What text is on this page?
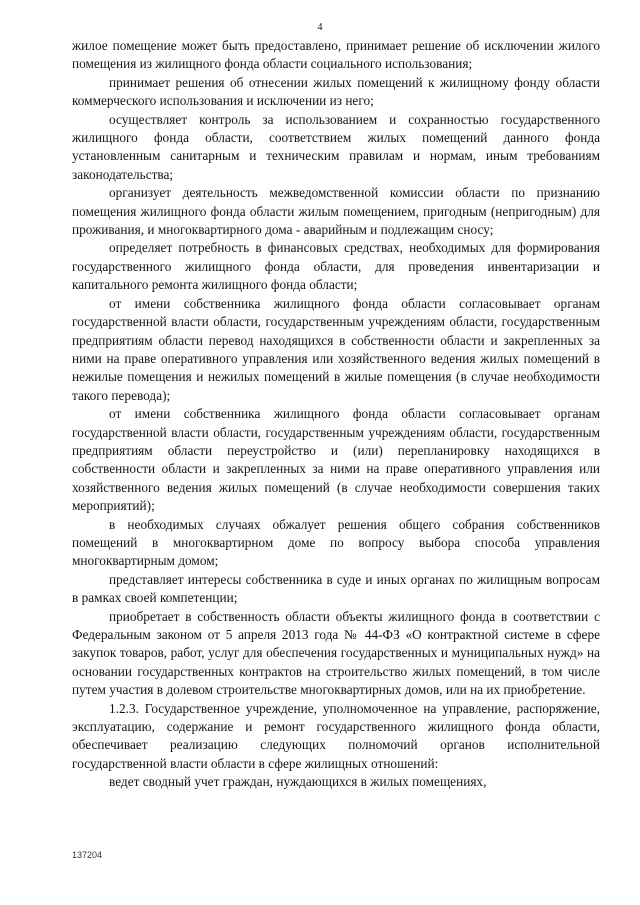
4

жилое помещение может быть предоставлено, принимает решение об исключении жилого помещения из жилищного фонда области социального использования;

принимает решения об отнесении жилых помещений к жилищному фонду области коммерческого использования и исключении из него;

осуществляет контроль за использованием и сохранностью государственного жилищного фонда области, соответствием жилых помещений данного фонда установленным санитарным и техническим правилам и нормам, иным требованиям законодательства;

организует деятельность межведомственной комиссии области по признанию помещения жилищного фонда области жилым помещением, пригодным (непригодным) для проживания, и многоквартирного дома - аварийным и подлежащим сносу;

определяет потребность в финансовых средствах, необходимых для формирования государственного жилищного фонда области, для проведения инвентаризации и капитального ремонта жилищного фонда области;

от имени собственника жилищного фонда области согласовывает органам государственной власти области, государственным учреждениям области, государственным предприятиям области перевод находящихся в собственности области и закрепленных за ними на праве оперативного управления или хозяйственного ведения жилых помещений в нежилые помещения и нежилых помещений в жилые помещения (в случае необходимости такого перевода);

от имени собственника жилищного фонда области согласовывает органам государственной власти области, государственным учреждениям области, государственным предприятиям области переустройство и (или) перепланировку находящихся в собственности области и закрепленных за ними на праве оперативного управления или хозяйственного ведения жилых помещений (в случае необходимости совершения таких мероприятий);

в необходимых случаях обжалует решения общего собрания собственников помещений в многоквартирном доме по вопросу выбора способа управления многоквартирным домом;

представляет интересы собственника в суде и иных органах по жилищным вопросам в рамках своей компетенции;

приобретает в собственность области объекты жилищного фонда в соответствии с Федеральным законом от 5 апреля 2013 года № 44-ФЗ «О контрактной системе в сфере закупок товаров, работ, услуг для обеспечения государственных и муниципальных нужд» на основании государственных контрактов на строительство жилых помещений, в том числе путем участия в долевом строительстве многоквартирных домов, или на их приобретение.

1.2.3. Государственное учреждение, уполномоченное на управление, распоряжение, эксплуатацию, содержание и ремонт государственного жилищного фонда области, обеспечивает реализацию следующих полномочий органов исполнительной государственной власти области в сфере жилищных отношений:

ведет сводный учет граждан, нуждающихся в жилых помещениях,

137204
